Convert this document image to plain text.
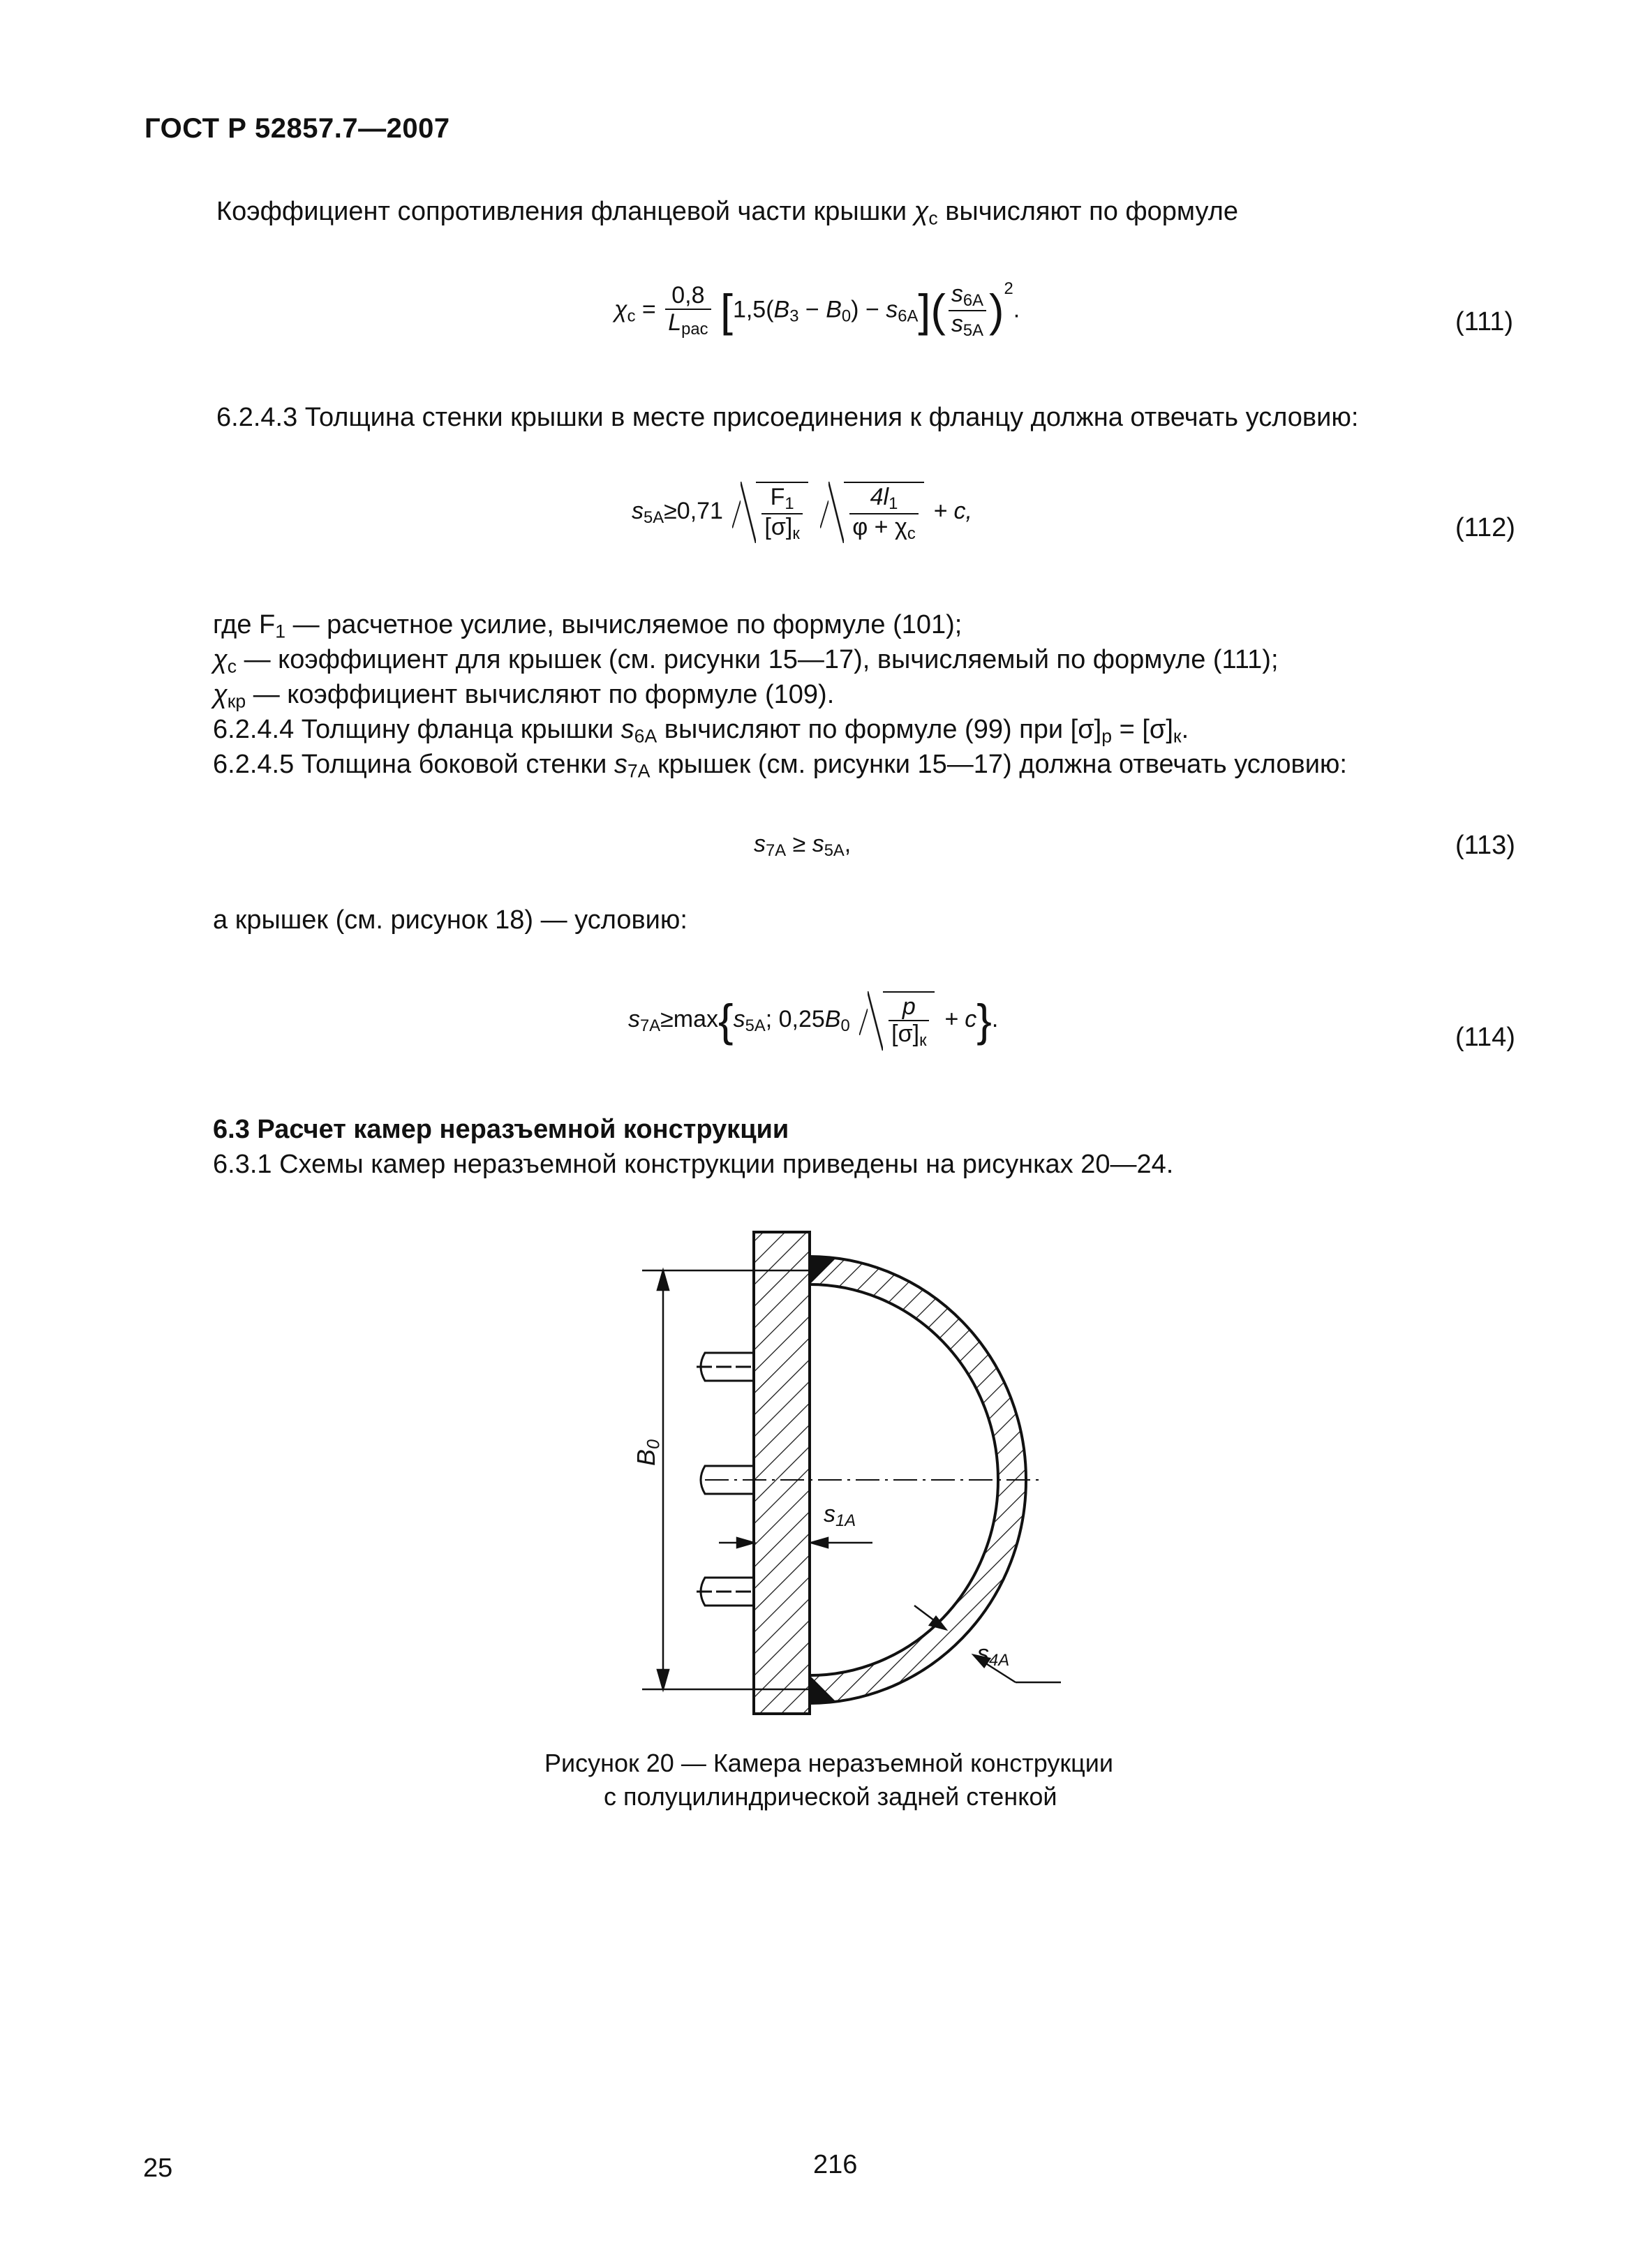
ГОСТ Р 52857.7—2007
Коэффициент сопротивления фланцевой части крышки $\chi_c$ вычисляют по формуле
$\chi_c = \frac{0,8}{L_{рас}} [1,5(B_3 - B_0) - s_{6A}]( \frac{s_{6A}}{s_{5A}} )^2$.	(111)
6.2.4.3 Толщина стенки крышки в месте присоединения к фланцу должна отвечать условию:
$s_{5A}\ge 0,71 \frac{F_1}{[\sigma]_к}$
$\frac{4l_1}{\varphi + \chi_c} + c$,
(112)
где $F_1$ — расчетное усилие, вычисляемое по формуле (101);
$\chi_c$ — коэффициент для крышек (см. рисунки 15—17), вычисляемый по формуле (111);
$\chi_{кр}$ — коэффициент вычисляют по формуле (109).
6.2.4.4 Толщину фланца крышки $s_{6A}$ вычисляют по формуле (99) при $[\sigma]_р = [\sigma]_к$.
6.2.4.5 Толщина боковой стенки $s_{7A}$ крышек (см. рисунки 15—17) должна отвечать условию:
$s_{7A} \ge s_{5A}$,	(113)
а крышек (см. рисунок 18) — условию:
$s_{7A}\ge\max\{s_{5A}$; $0,25B_0 \frac{p}{[\sigma]_к} + c$}.
(114)
6.3 Расчет камер неразъемной конструкции
6.3.1 Схемы камер неразъемной конструкции приведены на рисунках 20—24.
$B_0$
$s_{1A}$
$s_{4A}$
Рисунок 20 — Камера неразъемной конструкции
с полуцилиндрической задней стенкой
25	216
